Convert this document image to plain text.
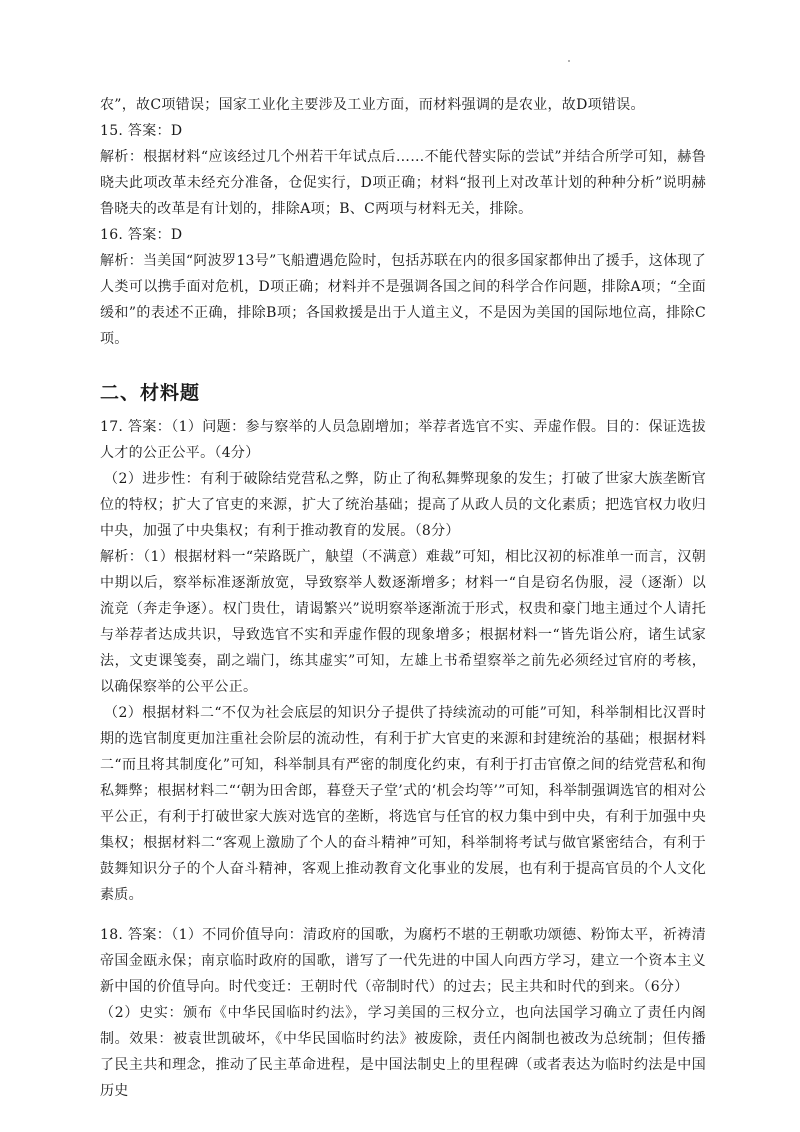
农”，故C项错误；国家工业化主要涉及工业方面，而材料强调的是农业，故D项错误。

15. 答案：D

解析：根据材料“应该经过几个州若干年试点后……不能代替实际的尝试”并结合所学可知，赫鲁晓夫此项改革未经充分准备，仓促实行，D项正确；材料“报刊上对改革计划的种种分析”说明赫鲁晓夫的改革是有计划的，排除A项；B、C两项与材料无关，排除。

16. 答案：D

解析：当美国“阿波罗13号”飞船遭遇危险时，包括苏联在内的很多国家都伸出了援手，这体现了人类可以携手面对危机，D项正确；材料并不是强调各国之间的科学合作问题，排除A项；“全面缓和”的表述不正确，排除B项；各国救援是出于人道主义，不是因为美国的国际地位高，排除C项。

二、材料题

17. 答案：（1）问题：参与察举的人员急剧增加；举荐者选官不实、弄虚作假。目的：保证选拔人才的公正公平。（4分）

（2）进步性：有利于破除结党营私之弊，防止了徇私舞弊现象的发生；打破了世家大族垄断官位的特权；扩大了官吏的来源，扩大了统治基础；提高了从政人员的文化素质；把选官权力收归中央，加强了中央集权；有利于推动教育的发展。（8分）

解析：（1）根据材料一“荣路既广，觖望（不满意）难裁”可知，相比汉初的标准单一而言，汉朝中期以后，察举标准逐渐放宽，导致察举人数逐渐增多；材料一“自是窃名伪服，浸（逐渐）以流竞（奔走争逐）。权门贵仕，请谒繁兴”说明察举逐渐流于形式，权贵和豪门地主通过个人请托与举荐者达成共识，导致选官不实和弄虚作假的现象增多；根据材料一“皆先诣公府，诸生试家法，文吏课笺奏，副之端门，练其虚实”可知，左雄上书希望察举之前先必须经过官府的考核，以确保察举的公平公正。

（2）根据材料二“不仅为社会底层的知识分子提供了持续流动的可能”可知，科举制相比汉晋时期的选官制度更加注重社会阶层的流动性，有利于扩大官吏的来源和封建统治的基础；根据材料二“而且将其制度化”可知，科举制具有严密的制度化约束，有利于打击官僚之间的结党营私和徇私舞弊；根据材料二“‘朝为田舍郎，暮登天子堂’式的‘机会均等’”可知，科举制强调选官的相对公平公正，有利于打破世家大族对选官的垄断，将选官与任官的权力集中到中央，有利于加强中央集权；根据材料二“客观上激励了个人的奋斗精神”可知，科举制将考试与做官紧密结合，有利于鼓舞知识分子的个人奋斗精神，客观上推动教育文化事业的发展，也有利于提高官员的个人文化素质。

18. 答案：（1）不同价值导向：清政府的国歌，为腐朽不堪的王朝歌功颂德、粉饰太平，祈祷清帝国金瓯永保；南京临时政府的国歌，谱写了一代先进的中国人向西方学习，建立一个资本主义新中国的价值导向。时代变迁：王朝时代（帝制时代）的过去；民主共和时代的到来。（6分）

（2）史实：颁布《中华民国临时约法》，学习美国的三权分立，也向法国学习确立了责任内阁制。效果：被袁世凯破坏，《中华民国临时约法》被废除，责任内阁制也被改为总统制；但传播了民主共和理念，推动了民主革命进程，是中国法制史上的里程碑（或者表达为临时约法是中国历史
